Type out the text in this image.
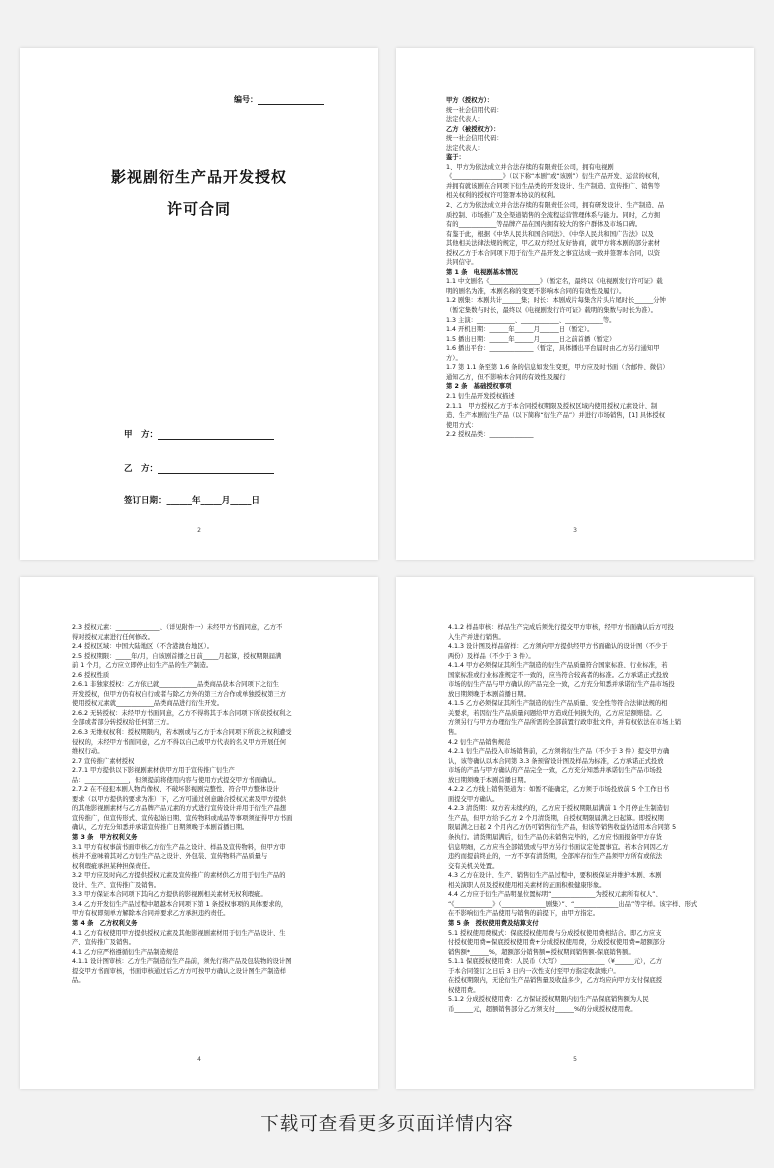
编号：
影视剧衍生产品开发授权
许可合同
甲　方：
乙　方：
签订日期：______年_____月_____日
2

甲方（授权方）：

统一社会信用代码：

法定代表人：

乙方（被授权方）：

统一社会信用代码：

法定代表人：

鉴于：

1、甲方为依法成立并合法存续的有限责任公司，拥有电视剧

《________________》（以下称“本剧”或“该剧”）衍生产品开发、运营的权利，

并拥有就该剧在合同项下衍生品类的开发设计、生产制造、宣传推广、销售等

相关权利的授权许可签署本协议的权利。

2、乙方为依法成立并合法存续的有限责任公司，拥有研发设计、生产制造、品

质控制、市场推广及全渠道销售的全流程运营管理体系与能力。同时，乙方拥

有的____________等品牌产品在国内拥有较大的客户群体及市场口碑。

有鉴于此，根据《中华人民共和国合同法》、《中华人民共和国广告法》以及

其他相关法律法规的规定，甲乙双方经过友好协商，就甲方将本剧的部分素材

授权乙方于本合同项下用于衍生产品开发之事宜达成一致并签署本合同，以资

共同信守。

第 1 条　电视剧基本情况

1.1 中文剧名《________________》（暂定名，最终以《电视剧发行许可证》载

明的剧名为准，本剧名称的变更不影响本合同的有效性及履行）。

1.2 剧集：本剧共计______集；时长：本剧成片每集含片头片尾时长______分钟

（暂定集数与时长，最终以《电视剧发行许可证》载明的集数与时长为准）。

1.3 主演：____________、____________、____________等。

1.4 开机日期：______年______月______日（暂定）。

1.5 播出日期：______年______月______日之前首播（暂定）

1.6 播出平台：______________（暂定，具体播出平台届时由乙方另行通知甲

方）。

1.7 第 1.1 条至第 1.6 条的信息如发生变更，甲方应及时书面（含邮件、微信）

通知乙方，但不影响本合同的有效性及履行

第 2 条　基础授权事项

2.1 衍生品开发授权描述

2.1.1　甲方授权乙方于本合同授权期限及授权区域内使用授权元素设计、制

造、生产本剧衍生产品（以下简称“衍生产品”）并进行市场销售，[1] 具体授权

使用方式：

2.2 授权品类：______________

3

2.3 授权元素：______________、（详见附件一）未经甲方书面同意，乙方不

得对授权元素进行任何修改。

2.4 授权区域：中国大陆地区（不含港澳台地区）。

2.5 授权期限：_____年/月，自该剧首播之日前_____月起算，授权期限届满

前 1 个月，乙方应立即停止衍生产品的生产制造。

2.6 授权性质

2.6.1 非独家授权：乙方依已就____________品类商品获本合同项下之衍生

开发授权，但甲方仍有权自行或者与除乙方外的第三方合作或单独授权第三方

使用授权元素就____________品类商品进行衍生开发。

2.6.2 无转授权：未经甲方书面同意，乙方不得将其于本合同项下所获授权利之

全部或者部分转授权给任何第三方。

2.6.3 无维权权利：授权期限内，若本剧或与乙方于本合同项下所获之权利遭受

侵权的，未经甲方书面同意，乙方不得以自己或甲方代表的名义甲方开展任何

维权行动。

2.7 宣传推广素材授权

2.7.1 甲方提供以下影视剧素材供甲方用于宣传推广衍生产

品：______________，但须提前将使用内容与使用方式提交甲方书面确认。

2.7.2 在不侵犯本剧人物肖像权、不破坏影视剧完整性、符合甲方整体设计

要求（以甲方提供的要求为准）下，乙方可通过创意融合授权元素及甲方提供

的其他影视剧素材与乙方品牌产品元素的方式进行宣传设计并用于衍生产品想

宣传推广，但宣传形式、宣传起始日期、宣传物料或成品等事项须征得甲方书面

确认，乙方充分知悉并承诺宣传推广日期须晚于本剧首播日期。

第 3 条　甲方权利义务

3.1 甲方有权事前书面审核乙方衍生产品之设计、样品及宣传物料，但甲方审

核并不意味着其对乙方衍生产品之设计、外包装、宣传物料产品质量与

权利瑕疵承担某种担保责任。

3.2 甲方应及时向乙方提供授权元素及宣传推广的素材供乙方用于衍生产品的

设计、生产、宣传推广及销售。

3.3 甲方保证本合同项下其向乙方提供的影视剧相关素材无权利瑕疵。

3.4 乙方开发衍生产品过程中超越本合同项下第 1 条授权事项的具体要求的，

甲方有权即刻单方解除本合同并要求乙方承担违约责任。

第 4 条　乙方权利义务

4.1 乙方有权使用甲方提供授权元素及其他影视剧素材用于衍生产品设计、生

产、宣传推广及销售。

4.1 乙方应严格遵循衍生产品制造规范

4.1.1 设计图审核：乙方生产制造衍生产品前，须先行将产品及包装物的设计图

提交甲方书面审核，书面审核通过后乙方方可按甲方确认之设计图生产制造样

品。

4

4.1.2 样品审核：样品生产完成后须先行提交甲方审核，经甲方书面确认后方可投

入生产并进行销售。

4.1.3 设计图及样品留样：乙方须向甲方提供经甲方书面确认的设计图（不少于

两份）及样品（不少于 3 件）。

4.1.4 甲方必须保证其所生产制造的衍生产品质量符合国家标准、行业标准，若

国家标准或行业标准规定不一致的，应当符合较高者的标准。乙方承诺正式投放

市场的衍生产品与甲方确认的产品完全一致，乙方充分知悉并承诺衍生产品市场投

放日期须晚于本剧首播日期。

4.1.5 乙方必须保证其所生产制造的衍生产品质量、安全性等符合法律法规的相

关要求，若因衍生产品质量问题给甲方造成任何损失的，乙方应足额赔偿。乙

方须另行与甲方办理衍生产品所需的全部前置行政审批文件，并有权依法在市场上销

售。

4.2 衍生产品销售规范

4.2.1 衍生产品投入市场销售前，乙方须将衍生产品（不少于 3 件）提交甲方确

认，该等确认以本合同第 3.3 条预留设计图及样品为标准，乙方承诺正式投放

市场的产品与甲方确认的产品完全一致，乙方充分知悉并承诺衍生产品市场投

放日期须晚于本剧首播日期。

4.2.2 乙方线上销售渠道为：如暂不能确定，乙方须于市场投放前 5 个工作日书

面提交甲方确认。

4.2.3 清货期：双方若未续约的，乙方应于授权期限届满前 1 个月停止生制造衍

生产品，但甲方给予乙方 2 个月清货期，自授权期限届满之日起算。即授权期

限届满之日起 2 个月内乙方仍可销售衍生产品，但该等销售收益仍适用本合同第 5

条执行。清货期届满后，衍生产品仍未销售完毕的，乙方应书面报备甲方存货

信息明细，乙方应当全部销毁或与甲方另行书面议定处置事宜。若本合同因乙方

违约而提前终止的，一方不享有清货期，全部库存衍生产品须甲方所有或依法

交有关机关处置。

4.3 乙方在设计、生产、销售衍生产品过程中，要积极保证并维护本剧、本剧

相关演职人员及授权使用相关素材的正面积极健康形象。

4.4 乙方应于衍生产品明显位置标明“______________为授权元素所有权人”、

“《____________》（______________剧集）”、“______________出品”等字样。该字样、形式

在不影响衍生产品使用与销售的前提下，由甲方指定。

第 5 条　授权使用费及结算支付

5.1 授权使用费模式：保底授权使用费与分成授权使用费相结合。即乙方应支

付授权使用费=保底授权使用费+分成授权使用费，分成授权使用费=超额部分

销售额*______%，超额部分销售额=授权期间销售额-保底销售额。

5.1.1 保底授权使用费：人民币（大写）______________（¥______元），乙方

于本合同签订之日后 3 日内一次性支付至甲方指定收款账户。

在授权期限内，无论衍生产品销售量及收益多少，乙方均应向甲方支付保底授

权使用费。

5.1.2 分成授权使用费：乙方保证授权期限内衍生产品保底销售额为人民

币______元，超额销售部分乙方须支付______%的分成授权使用费。

5
下载可查看更多页面详情内容
